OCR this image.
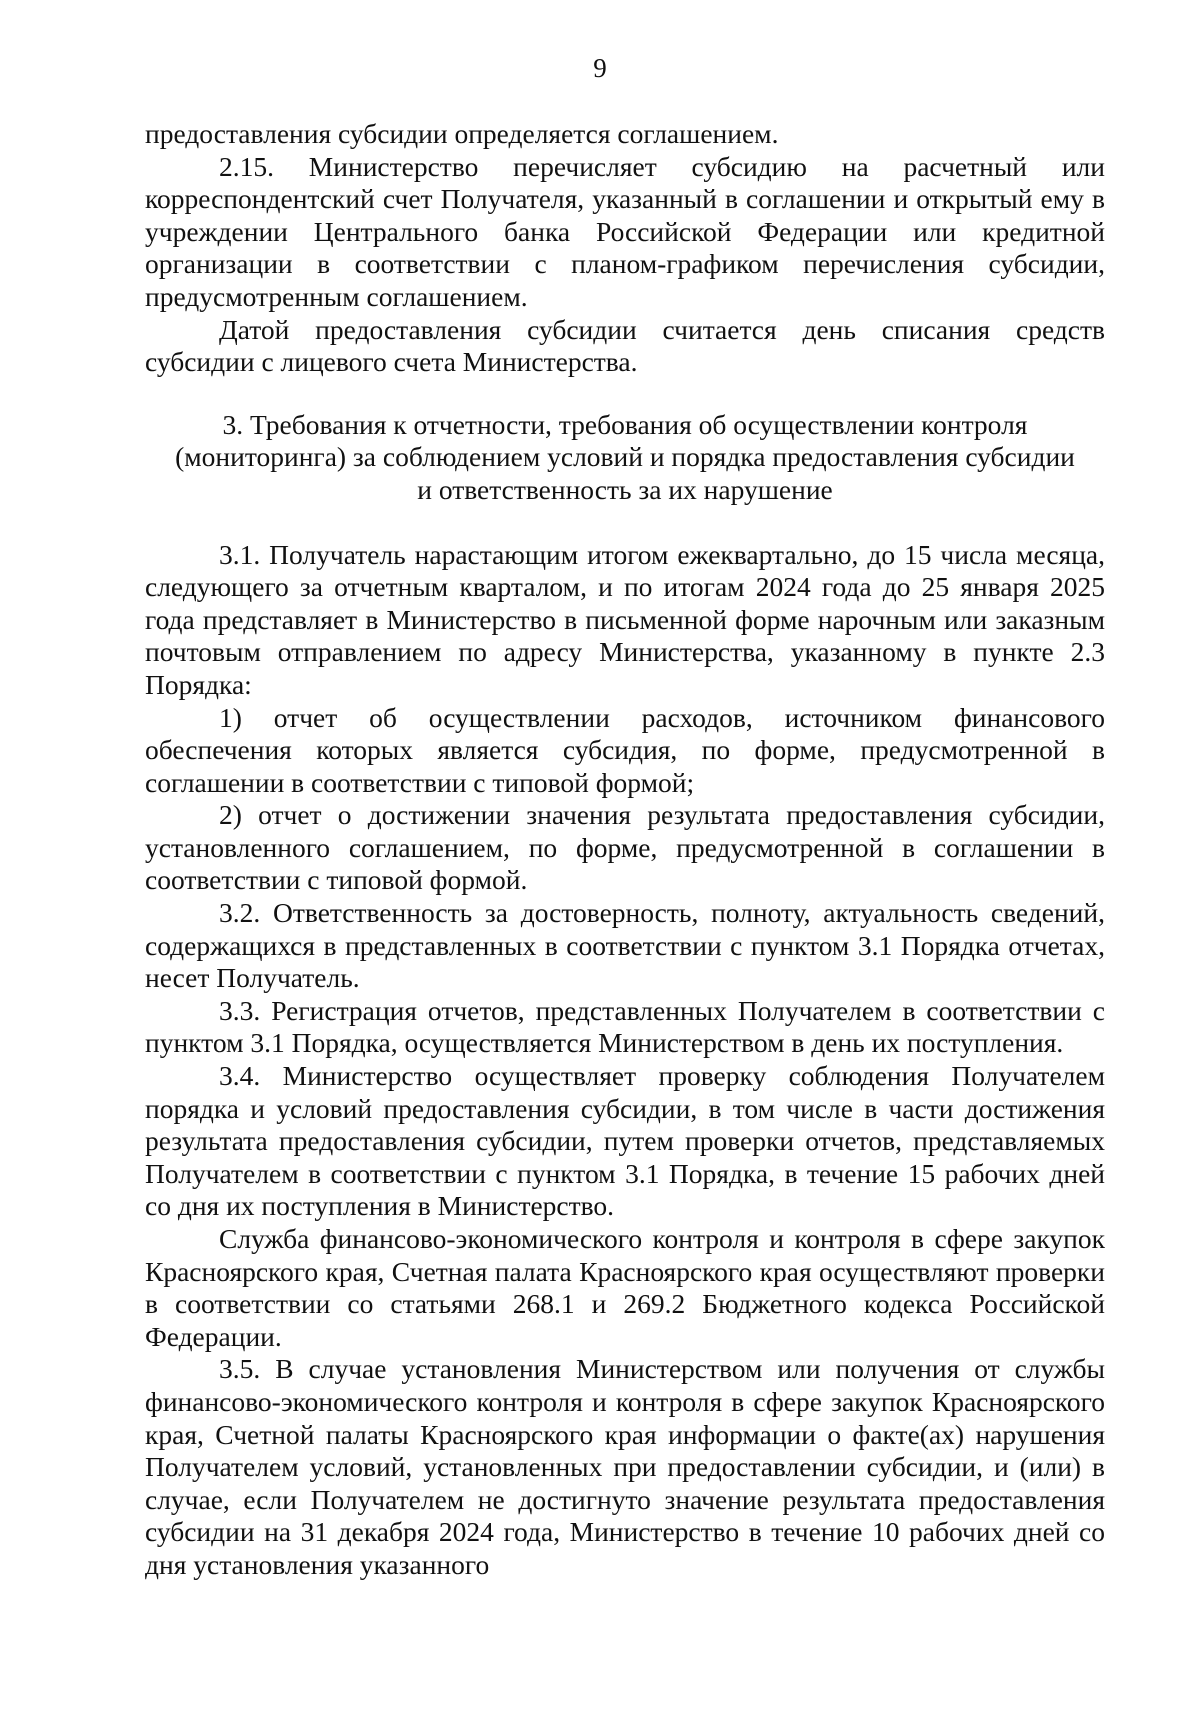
9

предоставления субсидии определяется соглашением.

2.15. Министерство перечисляет субсидию на расчетный или корреспондентский счет Получателя, указанный в соглашении и открытый ему в учреждении Центрального банка Российской Федерации или кредитной организации в соответствии с планом-графиком перечисления субсидии, предусмотренным соглашением.

Датой предоставления субсидии считается день списания средств субсидии с лицевого счета Министерства.

3. Требования к отчетности, требования об осуществлении контроля
(мониторинга) за соблюдением условий и порядка предоставления субсидии
и ответственность за их нарушение

3.1. Получатель нарастающим итогом ежеквартально, до 15 числа месяца, следующего за отчетным кварталом, и по итогам 2024 года до 25 января 2025 года представляет в Министерство в письменной форме нарочным или заказным почтовым отправлением по адресу Министерства, указанному в пункте 2.3 Порядка:

1) отчет об осуществлении расходов, источником финансового обеспечения которых является субсидия, по форме, предусмотренной в соглашении в соответствии с типовой формой;

2) отчет о достижении значения результата предоставления субсидии, установленного соглашением, по форме, предусмотренной в соглашении в соответствии с типовой формой.

3.2. Ответственность за достоверность, полноту, актуальность сведений, содержащихся в представленных в соответствии с пунктом 3.1 Порядка отчетах, несет Получатель.

3.3. Регистрация отчетов, представленных Получателем в соответствии с пунктом 3.1 Порядка, осуществляется Министерством в день их поступления.

3.4. Министерство осуществляет проверку соблюдения Получателем порядка и условий предоставления субсидии, в том числе в части достижения результата предоставления субсидии, путем проверки отчетов, представляемых Получателем в соответствии с пунктом 3.1 Порядка, в течение 15 рабочих дней со дня их поступления в Министерство.

Служба финансово-экономического контроля и контроля в сфере закупок Красноярского края, Счетная палата Красноярского края осуществляют проверки в соответствии со статьями 268.1 и 269.2 Бюджетного кодекса Российской Федерации.

3.5. В случае установления Министерством или получения от службы финансово-экономического контроля и контроля в сфере закупок Красноярского края, Счетной палаты Красноярского края информации о факте(ах) нарушения Получателем условий, установленных при предоставлении субсидии, и (или) в случае, если Получателем не достигнуто значение результата предоставления субсидии на 31 декабря 2024 года, Министерство в течение 10 рабочих дней со дня установления указанного
